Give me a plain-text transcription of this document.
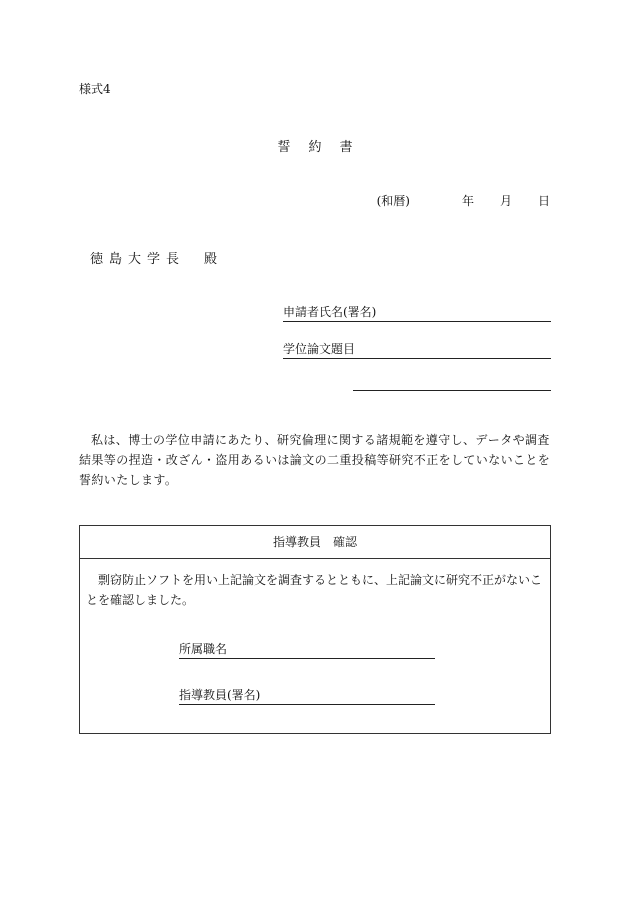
様式4
誓約書
(和暦)	年 月 日
徳島大学長　殿
申請者氏名(署名)
学位論文題目
私は、博士の学位申請にあたり、研究倫理に関する諸規範を遵守し、データや調査結果等の捏造・改ざん・盗用あるいは論文の二重投稿等研究不正をしていないことを誓約いたします。
指導教員　確認
剽窃防止ソフトを用い上記論文を調査するとともに、上記論文に研究不正がないことを確認しました。
所属職名
指導教員(署名)
